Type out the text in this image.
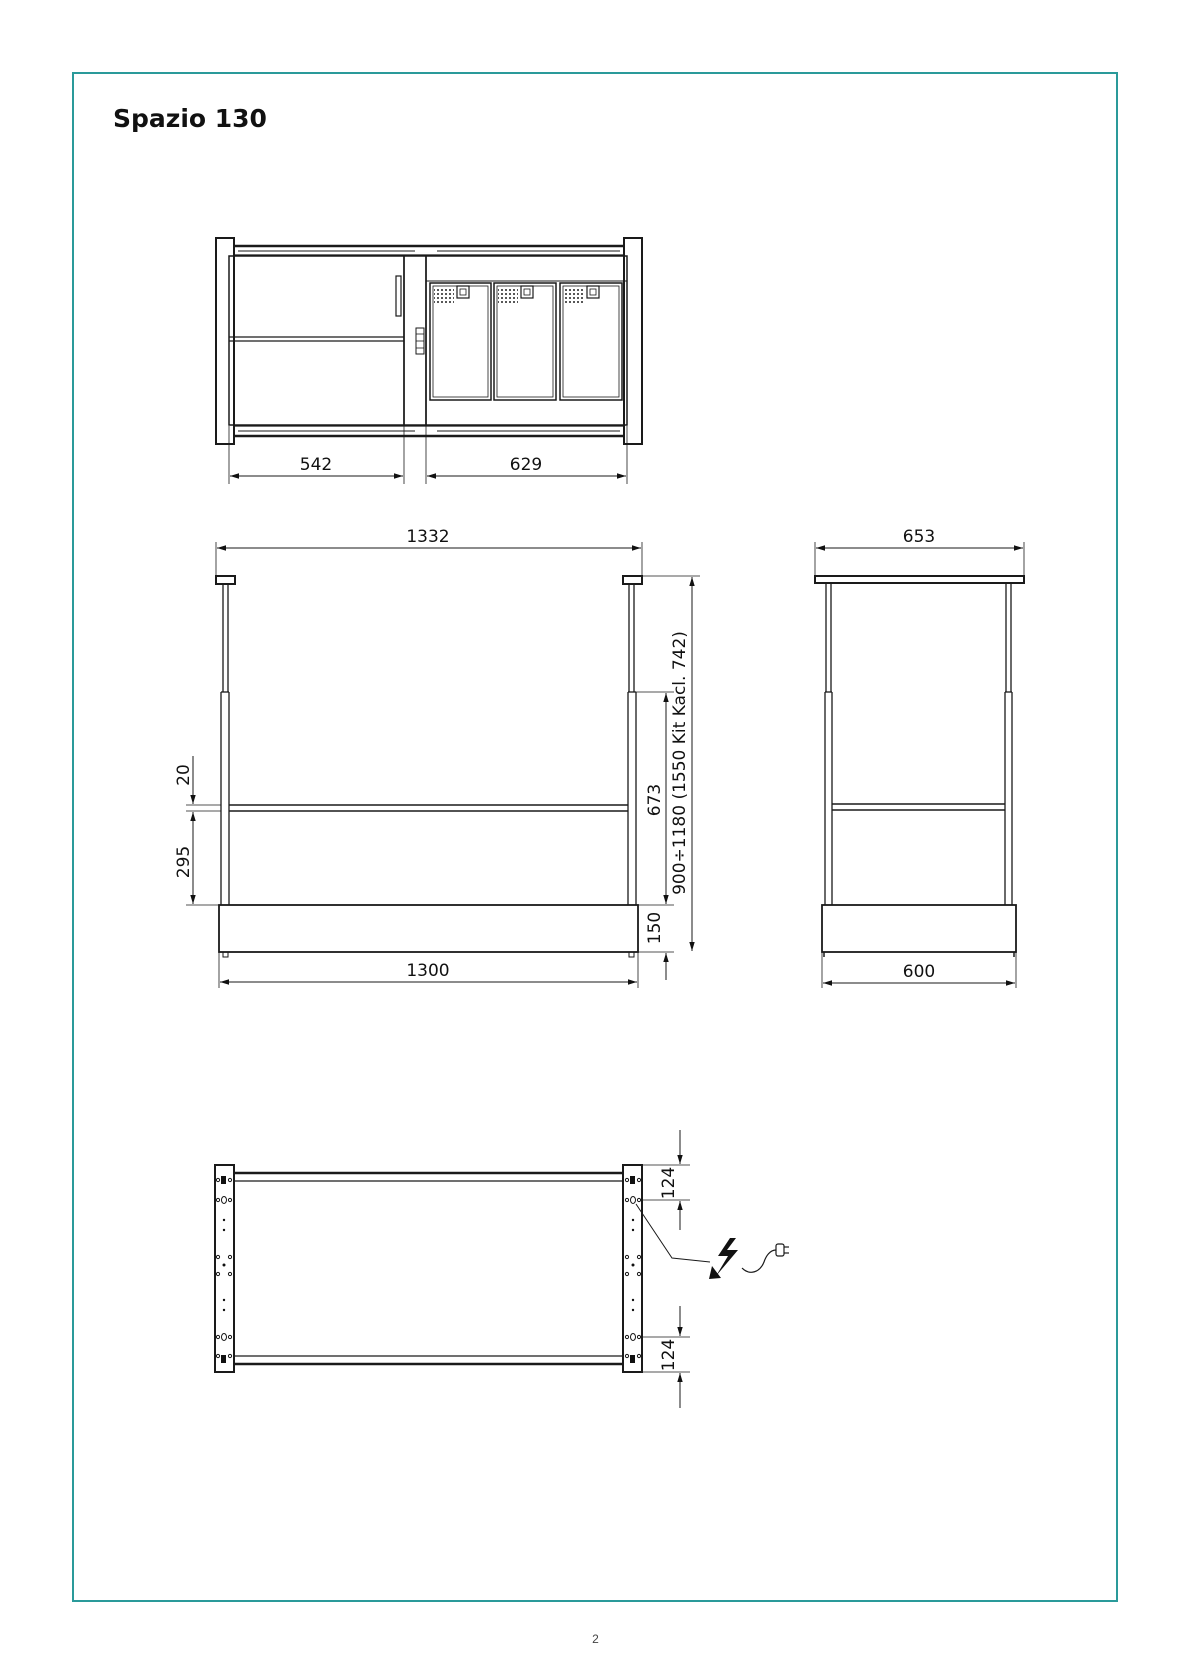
Spazio 130
542	629
1332
1300
20
295
673
150
900÷1180 (1550 Kit Kacl. 742)
653
600
124
124
2
